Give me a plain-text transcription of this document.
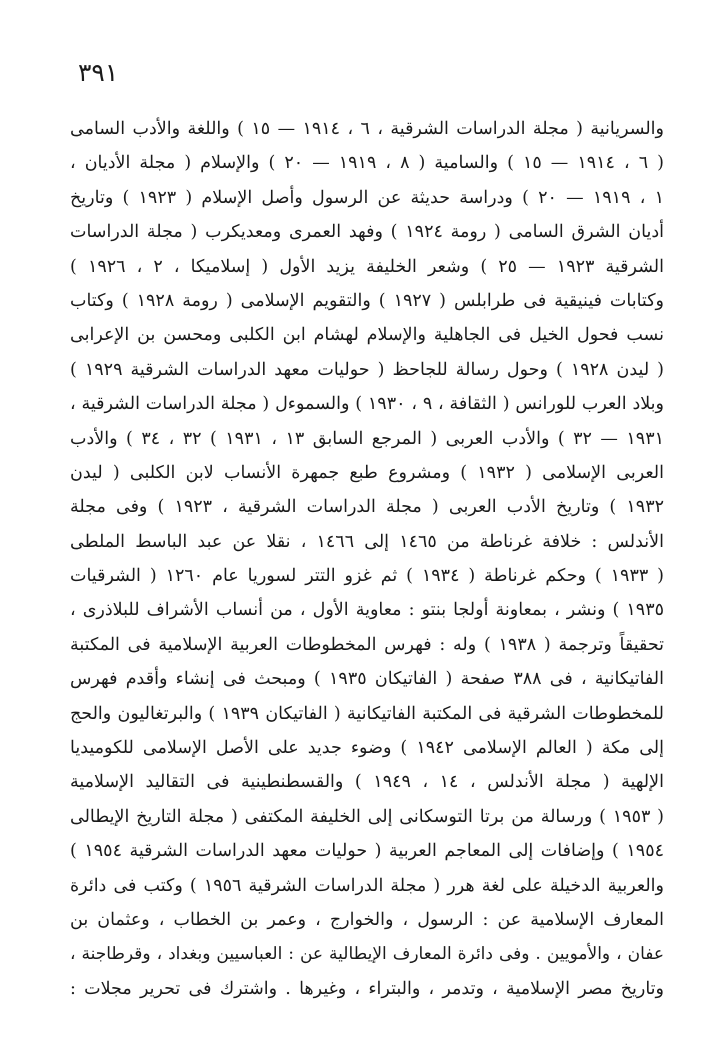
٣٩١
والسريانية ( مجلة الدراسات الشرقية ، ٦ ، ١٩١٤ — ١٥ ) واللغة والأدب السامى
( ٦ ، ١٩١٤ — ١٥ ) والسامية ( ٨ ، ١٩١٩ — ٢٠ ) والإسلام ( مجلة الأديان ،
١ ، ١٩١٩ — ٢٠ ) ودراسة حديثة عن الرسول وأصل الإسلام ( ١٩٢٣ ) وتاريخ
أديان الشرق السامى ( رومة ١٩٢٤ ) وفهد العمرى ومعديكرب ( مجلة الدراسات
الشرقية ١٩٢٣ — ٢٥ ) وشعر الخليفة يزيد الأول ( إسلاميكا ، ٢ ، ١٩٢٦ )
وكتابات فينيقية فى طرابلس ( ١٩٢٧ ) والتقويم الإسلامى ( رومة ١٩٢٨ ) وكتاب
نسب فحول الخيل فى الجاهلية والإسلام لهشام ابن الكلبى ومحسن بن الإعرابى
( ليدن ١٩٢٨ ) وحول رسالة للجاحظ ( حوليات معهد الدراسات الشرقية ١٩٢٩ )
وبلاد العرب للورانس ( الثقافة ، ٩ ، ١٩٣٠ ) والسموءل ( مجلة الدراسات الشرقية ،
١٩٣١ — ٣٢ ) والأدب العربى ( المرجع السابق ١٣ ، ١٩٣١ ) ٣٢ ، ٣٤ ) والأدب
العربى الإسلامى ( ١٩٣٢ ) ومشروع طبع جمهرة الأنساب لابن الكلبى ( ليدن
١٩٣٢ ) وتاريخ الأدب العربى ( مجلة الدراسات الشرقية ، ١٩٢٣ ) وفى مجلة
الأندلس : خلافة غرناطة من ١٤٦٥ إلى ١٤٦٦ ، نقلا عن عبد الباسط الملطى
( ١٩٣٣ ) وحكم غرناطة ( ١٩٣٤ ) ثم غزو التتر لسوريا عام ١٢٦٠ ( الشرقيات
١٩٣٥ ) ونشر ، بمعاونة أولجا بنتو : معاوية الأول ، من أنساب الأشراف للبلاذرى ،
تحقيقاً وترجمة ( ١٩٣٨ ) وله : فهرس المخطوطات العربية الإسلامية فى المكتبة
الفاتيكانية ، فى ٣٨٨ صفحة ( الفاتيكان ١٩٣٥ ) ومبحث فى إنشاء وأقدم فهرس
للمخطوطات الشرقية فى المكتبة الفاتيكانية ( الفاتيكان ١٩٣٩ ) والبرتغاليون والحج
إلى مكة ( العالم الإسلامى ١٩٤٢ ) وضوء جديد على الأصل الإسلامى للكوميديا
الإلهية ( مجلة الأندلس ، ١٤ ، ١٩٤٩ ) والقسطنطينية فى التقاليد الإسلامية
( ١٩٥٣ ) ورسالة من برتا التوسكانى إلى الخليفة المكتفى ( مجلة التاريخ الإيطالى
١٩٥٤ ) وإضافات إلى المعاجم العربية ( حوليات معهد الدراسات الشرقية ١٩٥٤ )
والعربية الدخيلة على لغة هرر ( مجلة الدراسات الشرقية ١٩٥٦ ) وكتب فى دائرة
المعارف الإسلامية عن : الرسول ، والخوارج ، وعمر بن الخطاب ، وعثمان بن
عفان ، والأمويين . وفى دائرة المعارف الإيطالية عن : العباسيين وبغداد ، وقرطاجنة ،
وتاريخ مصر الإسلامية ، وتدمر ، والبتراء ، وغيرها . واشترك فى تحرير مجلات :
